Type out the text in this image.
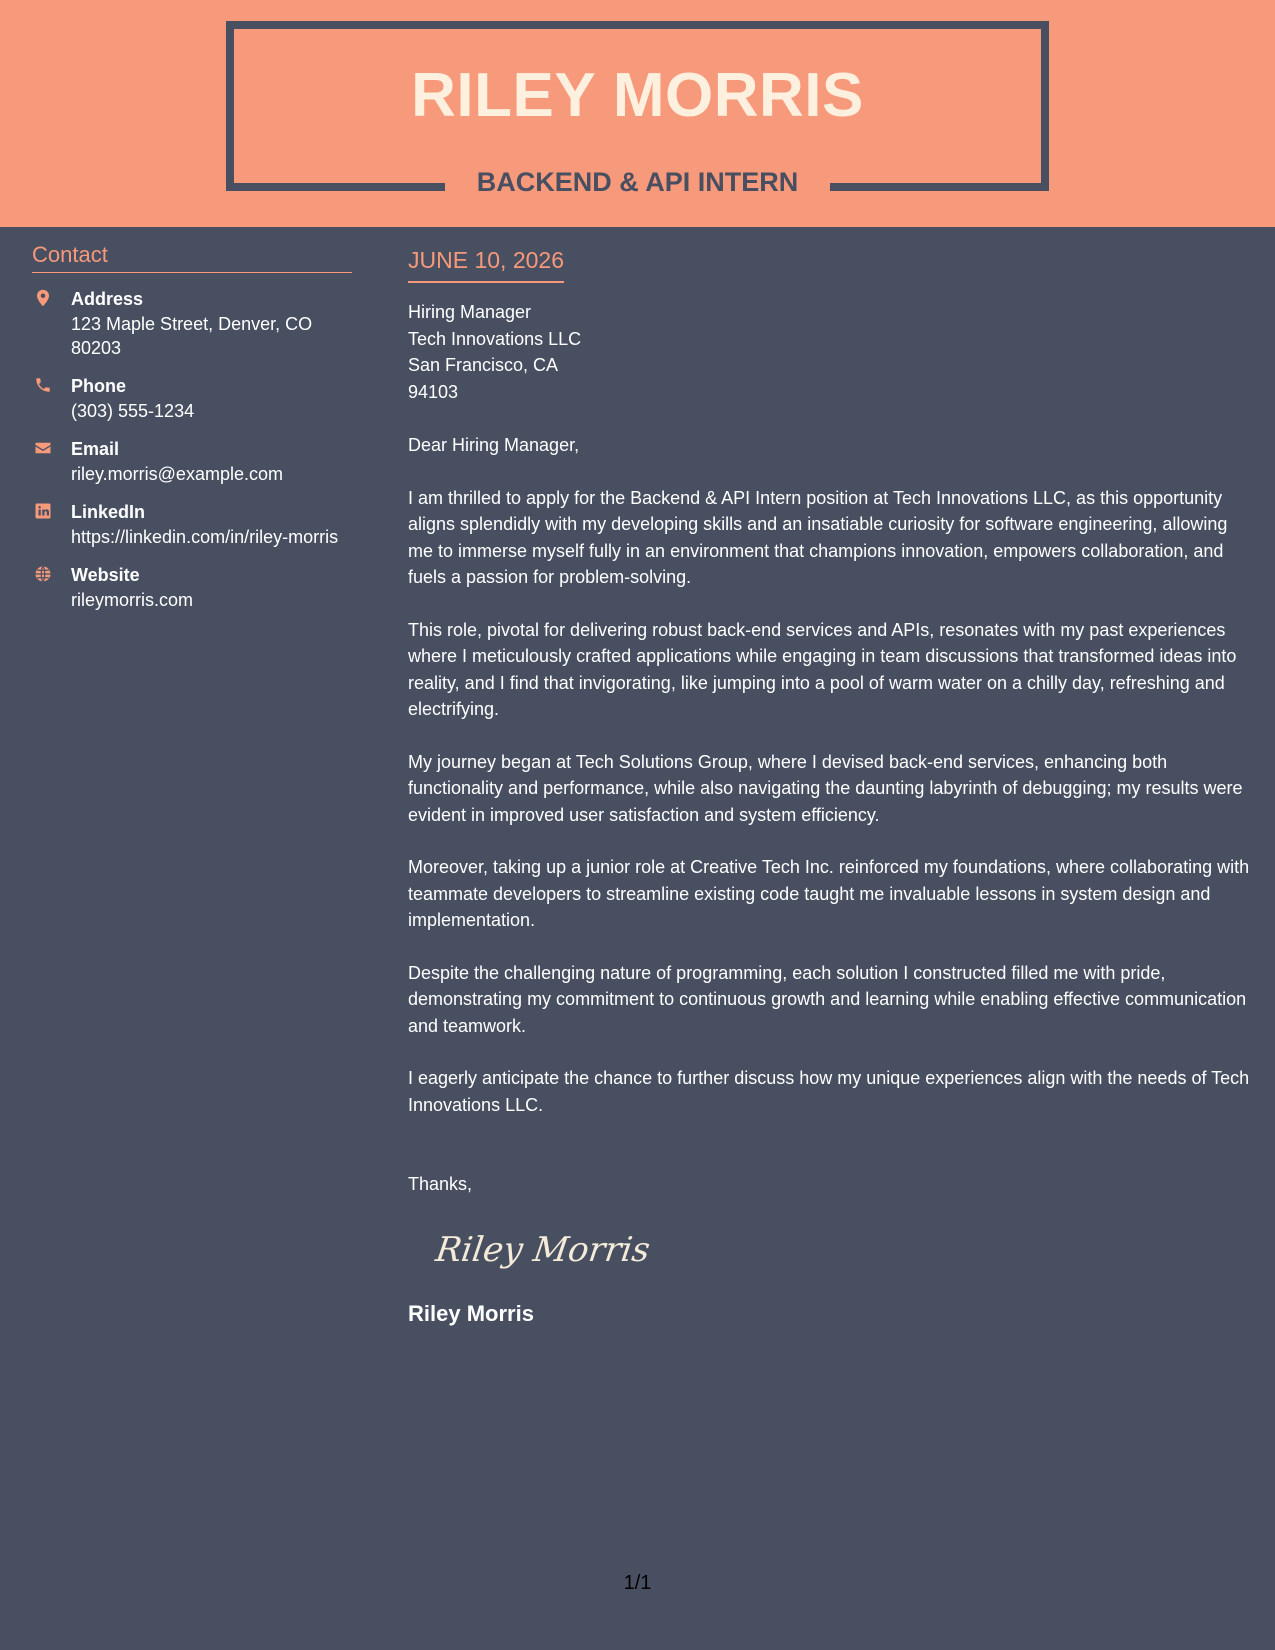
RILEY MORRIS
BACKEND & API INTERN
Contact
Address
123 Maple Street, Denver, CO 80203
Phone
(303) 555-1234
Email
riley.morris@example.com
LinkedIn
https://linkedin.com/in/riley-morris
Website
rileymorris.com
JUNE 10, 2026
Hiring Manager
Tech Innovations LLC
San Francisco, CA
94103
Dear Hiring Manager,
I am thrilled to apply for the Backend & API Intern position at Tech Innovations LLC, as this opportunity aligns splendidly with my developing skills and an insatiable curiosity for software engineering, allowing me to immerse myself fully in an environment that champions innovation, empowers collaboration, and fuels a passion for problem-solving.
This role, pivotal for delivering robust back-end services and APIs, resonates with my past experiences where I meticulously crafted applications while engaging in team discussions that transformed ideas into reality, and I find that invigorating, like jumping into a pool of warm water on a chilly day, refreshing and electrifying.
My journey began at Tech Solutions Group, where I devised back-end services, enhancing both functionality and performance, while also navigating the daunting labyrinth of debugging; my results were evident in improved user satisfaction and system efficiency.
Moreover, taking up a junior role at Creative Tech Inc. reinforced my foundations, where collaborating with teammate developers to streamline existing code taught me invaluable lessons in system design and implementation.
Despite the challenging nature of programming, each solution I constructed filled me with pride, demonstrating my commitment to continuous growth and learning while enabling effective communication and teamwork.
I eagerly anticipate the chance to further discuss how my unique experiences align with the needs of Tech Innovations LLC.
Thanks,
Riley Morris
Riley Morris
1/1
